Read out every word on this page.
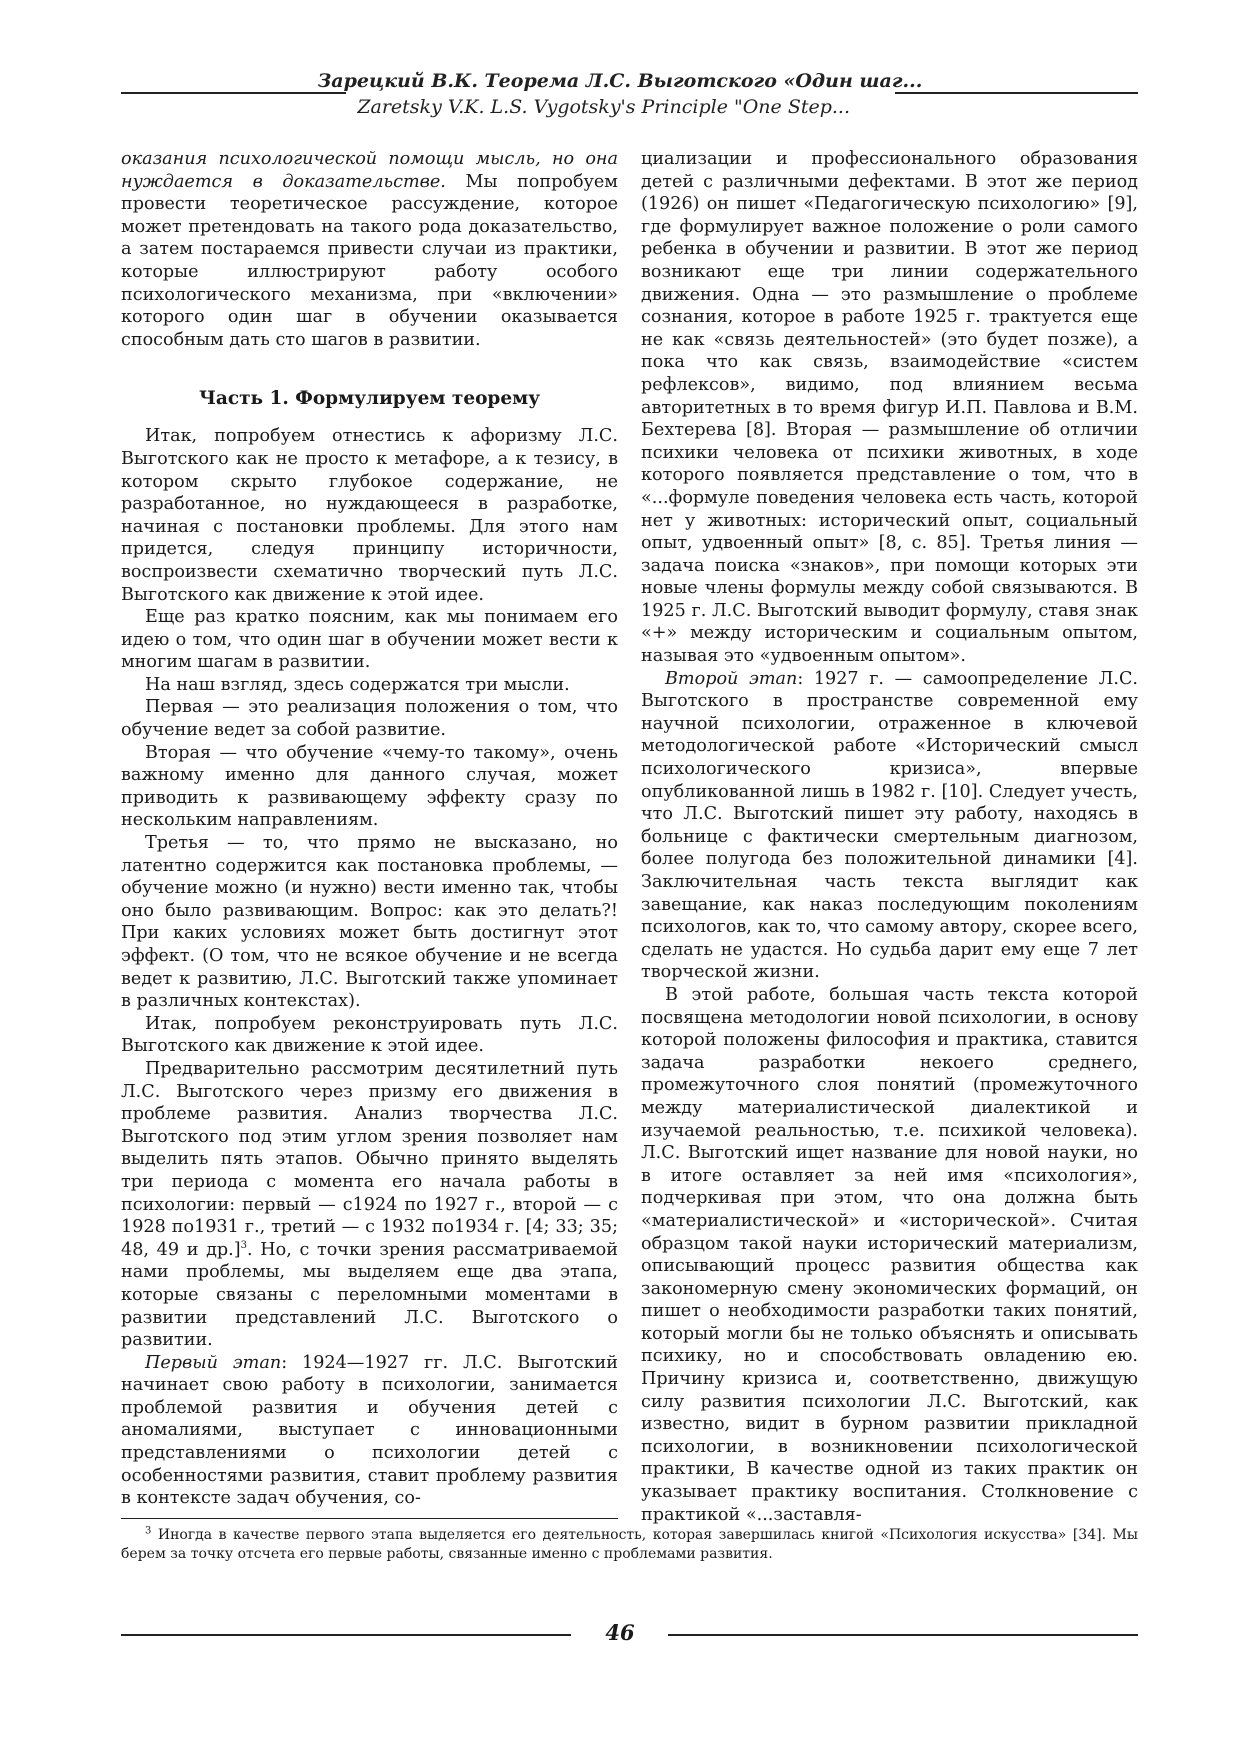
Зарецкий В.К. Теорема Л.С. Выготского «Один шаг...
Zaretsky V.K. L.S. Vygotsky's Principle "One Step...

оказания психологической помощи мысль, но она нуждается в доказательстве. Мы попробуем провести теоретическое рассуждение, которое может претендовать на такого рода доказательство, а затем постараемся привести случаи из практики, которые иллюстрируют работу особого психологического механизма, при «включении» которого один шаг в обучении оказывается способным дать сто шагов в развитии.

Часть 1. Формулируем теорему

Итак, попробуем отнестись к афоризму Л.С. Выготского как не просто к метафоре, а к тезису, в котором скрыто глубокое содержание, не разработанное, но нуждающееся в разработке, начиная с постановки проблемы. Для этого нам придется, следуя принципу историчности, воспроизвести схематично творческий путь Л.С. Выготского как движение к этой идее.

Еще раз кратко поясним, как мы понимаем его идею о том, что один шаг в обучении может вести к многим шагам в развитии.

На наш взгляд, здесь содержатся три мысли.

Первая — это реализация положения о том, что обучение ведет за собой развитие.

Вторая — что обучение «чему-то такому», очень важному именно для данного случая, может приводить к развивающему эффекту сразу по нескольким направлениям.

Третья — то, что прямо не высказано, но латентно содержится как постановка проблемы, — обучение можно (и нужно) вести именно так, чтобы оно было развивающим. Вопрос: как это делать?! При каких условиях может быть достигнут этот эффект. (О том, что не всякое обучение и не всегда ведет к развитию, Л.С. Выготский также упоминает в различных контекстах).

Итак, попробуем реконструировать путь Л.С. Выготского как движение к этой идее.

Предварительно рассмотрим десятилетний путь Л.С. Выготского через призму его движения в проблеме развития. Анализ творчества Л.С. Выготского под этим углом зрения позволяет нам выделить пять этапов. Обычно принято выделять три периода с момента его начала работы в психологии: первый — с1924 по 1927 г., второй — с 1928 по1931 г., третий — с 1932 по1934 г. [4; 33; 35; 48, 49 и др.]$^3$. Но, с точки зрения рассматриваемой нами проблемы, мы выделяем еще два этапа, которые связаны с переломными моментами в развитии представлений Л.С. Выготского о развитии.

Первый этап: 1924—1927 гг. Л.С. Выготский начинает свою работу в психологии, занимается проблемой развития и обучения детей с аномалиями, выступает с инновационными представлениями о психологии детей с особенностями развития, ставит проблему развития в контексте задач обучения, со-

циализации и профессионального образования детей с различными дефектами. В этот же период (1926) он пишет «Педагогическую психологию» [9], где формулирует важное положение о роли самого ребенка в обучении и развитии. В этот же период возникают еще три линии содержательного движения. Одна — это размышление о проблеме сознания, которое в работе 1925 г. трактуется еще не как «связь деятельностей» (это будет позже), а пока что как связь, взаимодействие «систем рефлексов», видимо, под влиянием весьма авторитетных в то время фигур И.П. Павлова и В.М. Бехтерева [8]. Вторая — размышление об отличии психики человека от психики животных, в ходе которого появляется представление о том, что в «...формуле поведения человека есть часть, которой нет у животных: исторический опыт, социальный опыт, удвоенный опыт» [8, с. 85]. Третья линия — задача поиска «знаков», при помощи которых эти новые члены формулы между собой связываются. В 1925 г. Л.С. Выготский выводит формулу, ставя знак «+» между историческим и социальным опытом, называя это «удвоенным опытом».

Второй этап: 1927 г. — самоопределение Л.С. Выготского в пространстве современной ему научной психологии, отраженное в ключевой методологической работе «Исторический смысл психологического кризиса», впервые опубликованной лишь в 1982 г. [10]. Следует учесть, что Л.С. Выготский пишет эту работу, находясь в больнице с фактически смертельным диагнозом, более полугода без положительной динамики [4]. Заключительная часть текста выглядит как завещание, как наказ последующим поколениям психологов, как то, что самому автору, скорее всего, сделать не удастся. Но судьба дарит ему еще 7 лет творческой жизни.

В этой работе, большая часть текста которой посвящена методологии новой психологии, в основу которой положены философия и практика, ставится задача разработки некоего среднего, промежуточного слоя понятий (промежуточного между материалистической диалектикой и изучаемой реальностью, т.е. психикой человека). Л.С. Выготский ищет название для новой науки, но в итоге оставляет за ней имя «психология», подчеркивая при этом, что она должна быть «материалистической» и «исторической». Считая образцом такой науки исторический материализм, описывающий процесс развития общества как закономерную смену экономических формаций, он пишет о необходимости разработки таких понятий, который могли бы не только объяснять и описывать психику, но и способствовать овладению ею. Причину кризиса и, соответственно, движущую силу развития психологии Л.С. Выготский, как известно, видит в бурном развитии прикладной психологии, в возникновении психологической практики, В качестве одной из таких практик он указывает практику воспитания. Столкновение с практикой «...заставля-

$^3$ Иногда в качестве первого этапа выделяется его деятельность, которая завершилась книгой «Психология искусства» [34]. Мы берем за точку отсчета его первые работы, связанные именно с проблемами развития.

46
